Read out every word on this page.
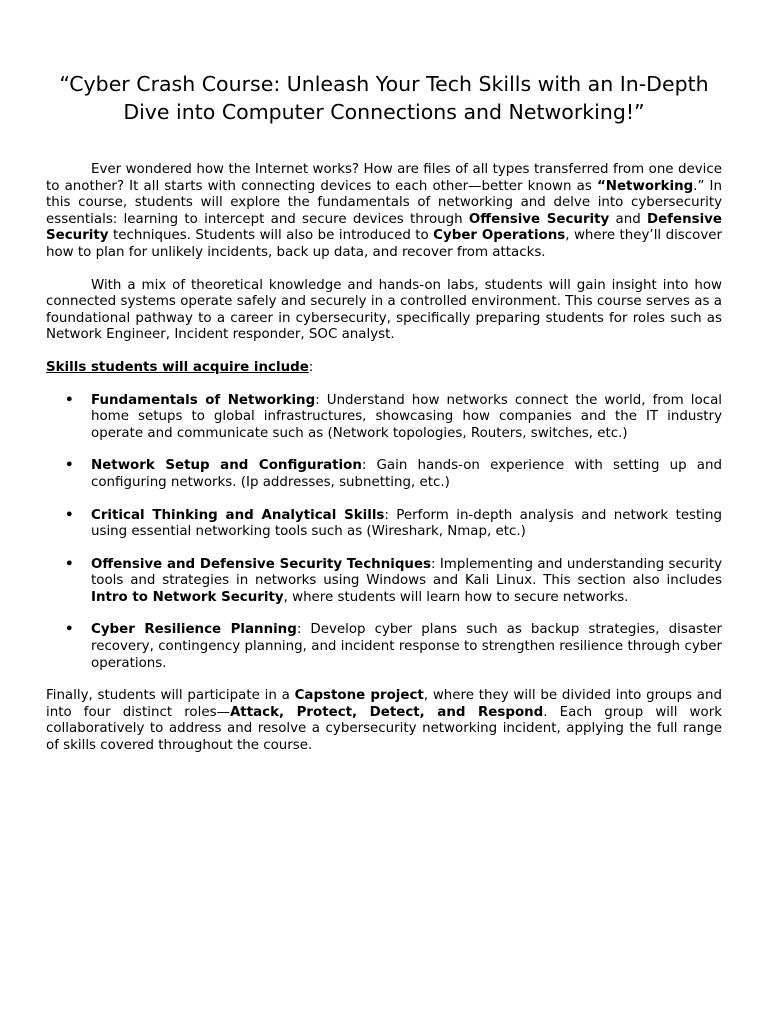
“Cyber Crash Course: Unleash Your Tech Skills with an In-Depth Dive into Computer Connections and Networking!”

Ever wondered how the Internet works? How are files of all types transferred from one device to another? It all starts with connecting devices to each other—better known as “Networking.” In this course, students will explore the fundamentals of networking and delve into cybersecurity essentials: learning to intercept and secure devices through Offensive Security and Defensive Security techniques. Students will also be introduced to Cyber Operations, where they’ll discover how to plan for unlikely incidents, back up data, and recover from attacks.

With a mix of theoretical knowledge and hands-on labs, students will gain insight into how connected systems operate safely and securely in a controlled environment. This course serves as a foundational pathway to a career in cybersecurity, specifically preparing students for roles such as Network Engineer, Incident responder, SOC analyst.

Skills students will acquire include:

• Fundamentals of Networking: Understand how networks connect the world, from local home setups to global infrastructures, showcasing how companies and the IT industry operate and communicate such as (Network topologies, Routers, switches, etc.)
• Network Setup and Configuration: Gain hands-on experience with setting up and configuring networks. (Ip addresses, subnetting, etc.)
• Critical Thinking and Analytical Skills: Perform in-depth analysis and network testing using essential networking tools such as (Wireshark, Nmap, etc.)
• Offensive and Defensive Security Techniques: Implementing and understanding security tools and strategies in networks using Windows and Kali Linux. This section also includes Intro to Network Security, where students will learn how to secure networks.
• Cyber Resilience Planning: Develop cyber plans such as backup strategies, disaster recovery, contingency planning, and incident response to strengthen resilience through cyber operations.

Finally, students will participate in a Capstone project, where they will be divided into groups and into four distinct roles—Attack, Protect, Detect, and Respond. Each group will work collaboratively to address and resolve a cybersecurity networking incident, applying the full range of skills covered throughout the course.
